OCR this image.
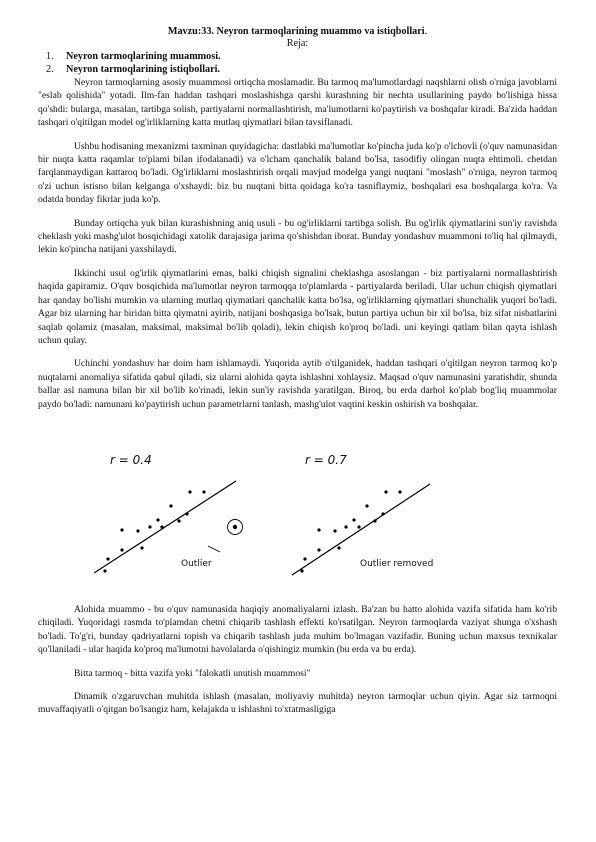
Mavzu:33. Neyron tarmoqlarining muammo va istiqbollari.

Reja:

1. Neyron tarmoqlarining muammosi.
2. Neyron tarmoqlarining istiqbollari.

Neyron tarmoqlarning asosiy muammosi ortiqcha moslamadir. Bu tarmoq ma'lumotlardagi naqshlarni olish o'rniga javoblarni "eslab qolishida" yotadi. Ilm-fan haddan tashqari moslashishga qarshi kurashning bir nechta usullarining paydo bo'lishiga hissa qo'shdi: bularga, masalan, tartibga solish, partiyalarni normallashtirish, ma'lumotlarni ko'paytirish va boshqalar kiradi. Ba'zida haddan tashqari o'qitilgan model og'irliklarning katta mutlaq qiymatlari bilan tavsiflanadi.

Ushbu hodisaning mexanizmi taxminan quyidagicha: dastlabki ma'lumotlar ko'pincha juda ko'p o'lchovli (o'quv namunasidan bir nuqta katta raqamlar to'plami bilan ifodalanadi) va o'lcham qanchalik baland bo'lsa, tasodifiy olingan nuqta ehtimoli. chetdan farqlanmaydigan kattaroq bo'ladi. Og'irliklarni moslashtirish orqali mavjud modelga yangi nuqtani "moslash" o'rniga, neyron tarmoq o'zi uchun istisno bilan kelganga o'xshaydi: biz bu nuqtani bitta qoidaga ko'ra tasniflaymiz, boshqalari esa boshqalarga ko'ra. Va odatda bunday fikrlar juda ko'p.

Bunday ortiqcha yuk bilan kurashishning aniq usuli - bu og'irliklarni tartibga solish. Bu og'irlik qiymatlarini sun'iy ravishda cheklash yoki mashg'ulot bosqichidagi xatolik darajasiga jarima qo'shishdan iborat. Bunday yondashuv muammoni to'liq hal qilmaydi, lekin ko'pincha natijani yaxshilaydi.

Ikkinchi usul og'irlik qiymatlarini emas, balki chiqish signalini cheklashga asoslangan - biz partiyalarni normallashtirish haqida gapiramiz. O'quv bosqichida ma'lumotlar neyron tarmoqqa to'plamlarda - partiyalarda beriladi. Ular uchun chiqish qiymatlari har qanday bo'lishi mumkin va ularning mutlaq qiymatlari qanchalik katta bo'lsa, og'irliklarning qiymatlari shunchalik yuqori bo'ladi. Agar biz ularning har biridan bitta qiymatni ayirib, natijani boshqasiga bo'lsak, butun partiya uchun bir xil bo'lsa, biz sifat nisbatlarini saqlab qolamiz (masalan, maksimal, maksimal bo'lib qoladi), lekin chiqish ko'proq bo'ladi. uni keyingi qatlam bilan qayta ishlash uchun qulay.

Uchinchi yondashuv har doim ham ishlamaydi. Yuqorida aytib o'tilganidek, haddan tashqari o'qitilgan neyron tarmoq ko'p nuqtalarni anomaliya sifatida qabul qiladi, siz ularni alohida qayta ishlashni xohlaysiz. Maqsad o'quv namunasini yaratishdir, shunda ballar asl namuna bilan bir xil bo'lib ko'rinadi, lekin sun'iy ravishda yaratilgan. Biroq, bu erda darhol ko'plab bog'liq muammolar paydo bo'ladi: namunani ko'paytirish uchun parametrlarni tanlash, mashg'ulot vaqtini keskin oshirish va boshqalar.

r = 0.4
Outlier
r = 0.7
Outlier removed

Alohida muammo - bu o'quv namunasida haqiqiy anomaliyalarni izlash. Ba'zan bu hatto alohida vazifa sifatida ham ko'rib chiqiladi. Yuqoridagi rasmda to'plamdan chetni chiqarib tashlash effekti ko'rsatilgan. Neyron tarmoqlarda vaziyat shunga o'xshash bo'ladi. To'g'ri, bunday qadriyatlarni topish va chiqarib tashlash juda muhim bo'lmagan vazifadir. Buning uchun maxsus texnikalar qo'llaniladi - ular haqida ko'proq ma'lumotni havolalarda o'qishingiz mumkin (bu erda va bu erda).

Bitta tarmoq - bitta vazifa yoki "falokatli unutish muammosi"

Dinamik o'zgaruvchan muhitda ishlash (masalan, moliyaviy muhitda) neyron tarmoqlar uchun qiyin. Agar siz tarmoqni muvaffaqiyatli o'qitgan bo'lsangiz ham, kelajakda u ishlashni to'xtatmasligiga
